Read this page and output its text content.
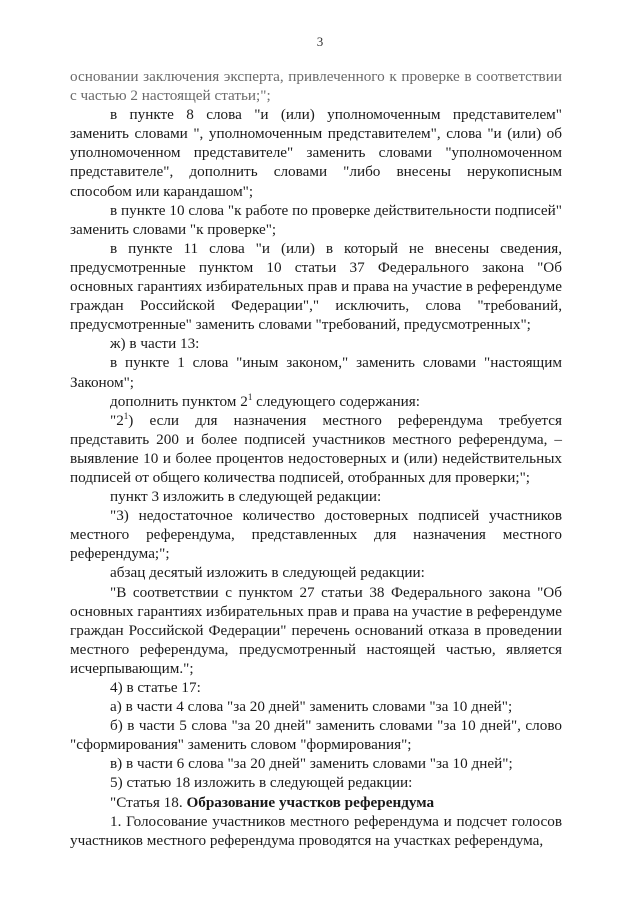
3

основании заключения эксперта, привлеченного к проверке в соответствии с частью 2 настоящей статьи;";

в пункте 8 слова "и (или) уполномоченным представителем" заменить словами ", уполномоченным представителем", слова "и (или) об уполномоченном представителе" заменить словами "уполномоченном представителе", дополнить словами "либо внесены нерукописным способом или карандашом";

в пункте 10 слова "к работе по проверке действительности подписей" заменить словами "к проверке";

в пункте 11 слова "и (или) в который не внесены сведения, предусмотренные пунктом 10 статьи 37 Федерального закона "Об основных гарантиях избирательных прав и права на участие в референдуме граждан Российской Федерации"," исключить, слова "требований, предусмотренные" заменить словами "требований, предусмотренных";

ж) в части 13:

в пункте 1 слова "иным законом," заменить словами "настоящим Законом";

дополнить пунктом $2^1$ следующего содержания:

"$2^1$) если для назначения местного референдума требуется представить 200 и более подписей участников местного референдума, – выявление 10 и более процентов недостоверных и (или) недействительных подписей от общего количества подписей, отобранных для проверки;";

пункт 3 изложить в следующей редакции:

"3) недостаточное количество достоверных подписей участников местного референдума, представленных для назначения местного референдума;";

абзац десятый изложить в следующей редакции:

"В соответствии с пунктом 27 статьи 38 Федерального закона "Об основных гарантиях избирательных прав и права на участие в референдуме граждан Российской Федерации" перечень оснований отказа в проведении местного референдума, предусмотренный настоящей частью, является исчерпывающим.";

4) в статье 17:

а) в части 4 слова "за 20 дней" заменить словами "за 10 дней";

б) в части 5 слова "за 20 дней" заменить словами "за 10 дней", слово "сформирования" заменить словом "формирования";

в) в части 6 слова "за 20 дней" заменить словами "за 10 дней";

5) статью 18 изложить в следующей редакции:

"Статья 18. Образование участков референдума

1. Голосование участников местного референдума и подсчет голосов участников местного референдума проводятся на участках референдума,
